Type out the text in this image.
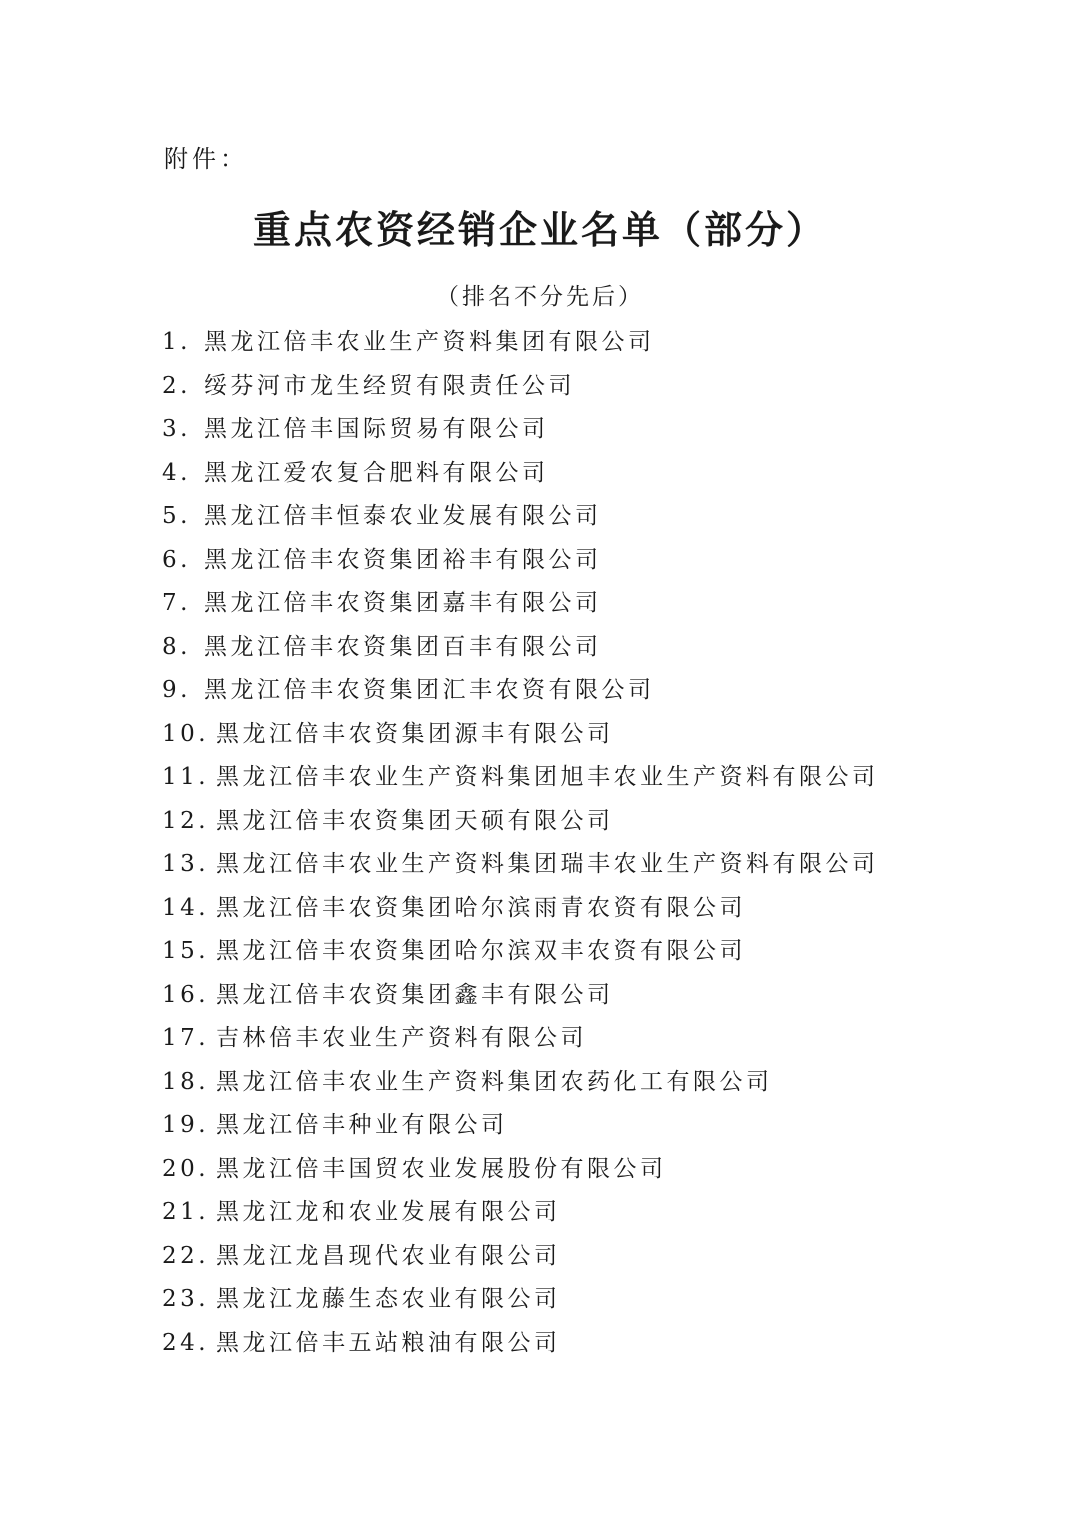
附件：
重点农资经销企业名单（部分）
（排名不分先后）
1. 黑龙江倍丰农业生产资料集团有限公司
2. 绥芬河市龙生经贸有限责任公司
3. 黑龙江倍丰国际贸易有限公司
4. 黑龙江爱农复合肥料有限公司
5. 黑龙江倍丰恒泰农业发展有限公司
6. 黑龙江倍丰农资集团裕丰有限公司
7. 黑龙江倍丰农资集团嘉丰有限公司
8. 黑龙江倍丰农资集团百丰有限公司
9. 黑龙江倍丰农资集团汇丰农资有限公司
10. 黑龙江倍丰农资集团源丰有限公司
11. 黑龙江倍丰农业生产资料集团旭丰农业生产资料有限公司
12. 黑龙江倍丰农资集团天硕有限公司
13. 黑龙江倍丰农业生产资料集团瑞丰农业生产资料有限公司
14. 黑龙江倍丰农资集团哈尔滨雨青农资有限公司
15. 黑龙江倍丰农资集团哈尔滨双丰农资有限公司
16. 黑龙江倍丰农资集团鑫丰有限公司
17. 吉林倍丰农业生产资料有限公司
18. 黑龙江倍丰农业生产资料集团农药化工有限公司
19. 黑龙江倍丰种业有限公司
20. 黑龙江倍丰国贸农业发展股份有限公司
21. 黑龙江龙和农业发展有限公司
22. 黑龙江龙昌现代农业有限公司
23. 黑龙江龙藤生态农业有限公司
24. 黑龙江倍丰五站粮油有限公司
